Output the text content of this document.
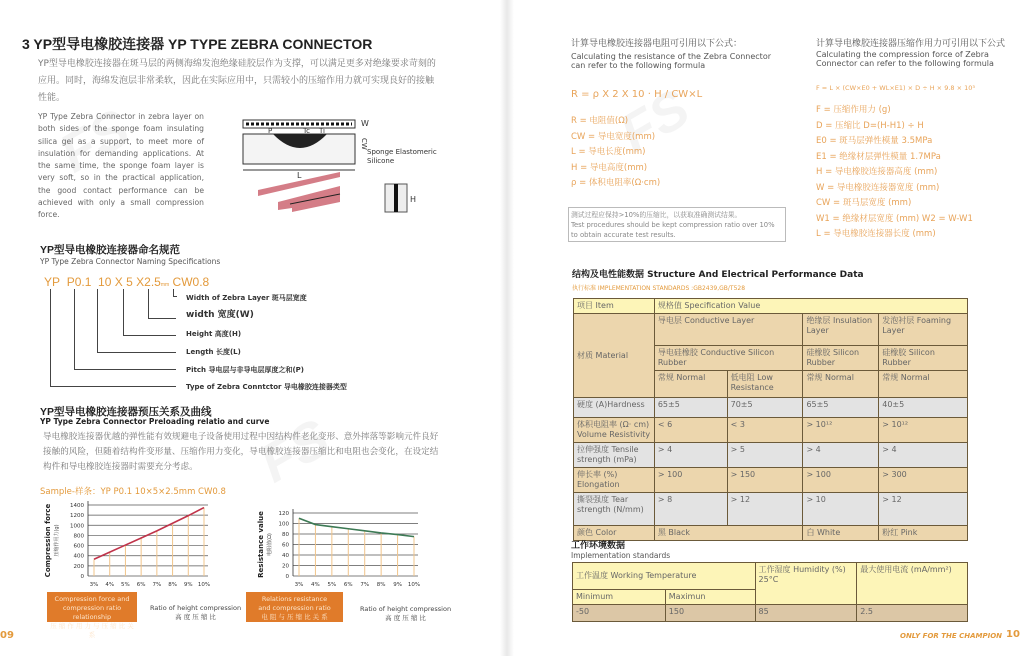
3 YP型导电橡胶连接器 YP TYPE ZEBRA CONNECTOR
YP型导电橡胶连接器在斑马层的两侧海绵发泡绝缘硅胶层作为支撑，可以满足更多对绝缘要求苛刻的应用。同时，海绵发泡层非常柔软，因此在实际应用中，只需较小的压缩作用力就可实现良好的接触性能。
YP Type Zebra Connector in zebra layer on both sides of the sponge foam insulating silica gel as a support, to meet more of insulation for demanding applications. At the same time, the sponge foam layer is very soft, so in the practical application, the good contact performance can be achieved with only a small compression force.
P	Tc Ti
W
CW
L
Sponge Elastomeric
Silicone
H
YP型导电橡胶连接器命名规范
YP Type Zebra Connector Naming Specifications
YP P0.1 10 X 5 X2.5mm CW0.8
Width of Zebra Layer 斑马层宽度
width 宽度(W)
Height 高度(H)
Length 长度(L)
Pitch 导电层与非导电层厚度之和(P)
Type of Zebra Conntctor 导电橡胶连接器类型
YP型导电橡胶连接器预压关系及曲线
YP Type Zebra Connector Preloading relatio and curve
导电橡胶连接器优越的弹性能有效规避电子设备使用过程中因结构件老化变形、意外摔落等影响元件良好接触的风险，但随着结构件变形量、压缩作用力变化，导电橡胶连接器压缩比和电阻也会变化，在设定结构件和导电橡胶连接器时需要充分考虑。
Sample-样条：YP P0.1 10×5×2.5mm CW0.8
0
200
400
600
800
1000
1200
1400
3% 4% 5% 6% 7% 8% 9% 10%
Compression force 压缩作用力(g)
0
20
40
60
80
100
120
3% 4% 5% 6% 7% 8% 9% 10%
Resistance value 电阻值(Ω)
Compression force and
compression ratio relationship
压 缩 作 用 力 与 压 缩 比 关 系
Relations resistance
and compression ratio
电 阻 与 压 缩 比 关 系
Ratio of height compression
高 度 压 缩 比
Ratio of height compression
高 度 压 缩 比
09
计算导电橡胶连接器电阻可引用以下公式：
Calculating the resistance of the Zebra Connector can refer to the following formula
R = ρ X 2 X 10 · H / CW×L
R = 电阻值(Ω)
CW = 导电宽度(mm)
L = 导电长度(mm)
H = 导电高度(mm)
ρ = 体积电阻率(Ω·cm)
测试过程应保持>10%的压缩比，以获取准确测试结果。
Test procedures should be kept compression ratio over 10% to obtain accurate test results.
计算导电橡胶连接器压缩作用力可引用以下公式
Calculating the compression force of Zebra Connector can refer to the following formula
F = L × (CW×E0 + WL×E1) × D ÷ H × 9.8 × 10³
F = 压缩作用力 (g)
D = 压缩比 D=(H-H1) ÷ H
E0 = 斑马层弹性模量 3.5MPa
E1 = 绝缘材层弹性模量 1.7MPa
H = 导电橡胶连接器高度 (mm)
W = 导电橡胶连接器宽度 (mm)
CW = 斑马层宽度 (mm)
W1 = 绝缘材层宽度 (mm) W2 = W-W1
L = 导电橡胶连接器长度 (mm)
结构及电性能数据 Structure And Electrical Performance Data
执行标准 IMPLEMENTATION STANDARDS :GB2439,GB/T528
项目 Item	规格值 Specification Value			
材质 Material	导电层 Conductive Layer		绝缘层 Insulation Layer	发泡衬层 Foaming Layer
	导电硅橡胶 Conductive Silicon Rubber		硅橡胶 Silicon Rubber	硅橡胶 Silicon Rubber
	常规 Normal	低电阻 Low Resistance	常规 Normal	常规 Normal
硬度 (A)Hardness	65±5	70±5	65±5	40±5
体积电阻率 (Ω· cm) Volume Resistivity	< 6	< 3	> 10¹²	> 10¹²
拉伸强度 Tensile strength (mPa)	> 4	> 5	> 4	> 4
伸长率 (%) Elongation	> 100	> 150	> 100	> 300
撕裂强度 Tear strength (N/mm)	> 8	> 12	> 10	> 12
颜色 Color	黑 Black		白 White	粉红 Pink
工作环境数据
Implementation standards
工作温度 Working Temperature		工作湿度 Humidity (%) 25°C	最大使用电流 (mA/mm²)
Minimum	Maximun		
-50	150	85	2.5
ONLY FOR THE CHAMPION 10
